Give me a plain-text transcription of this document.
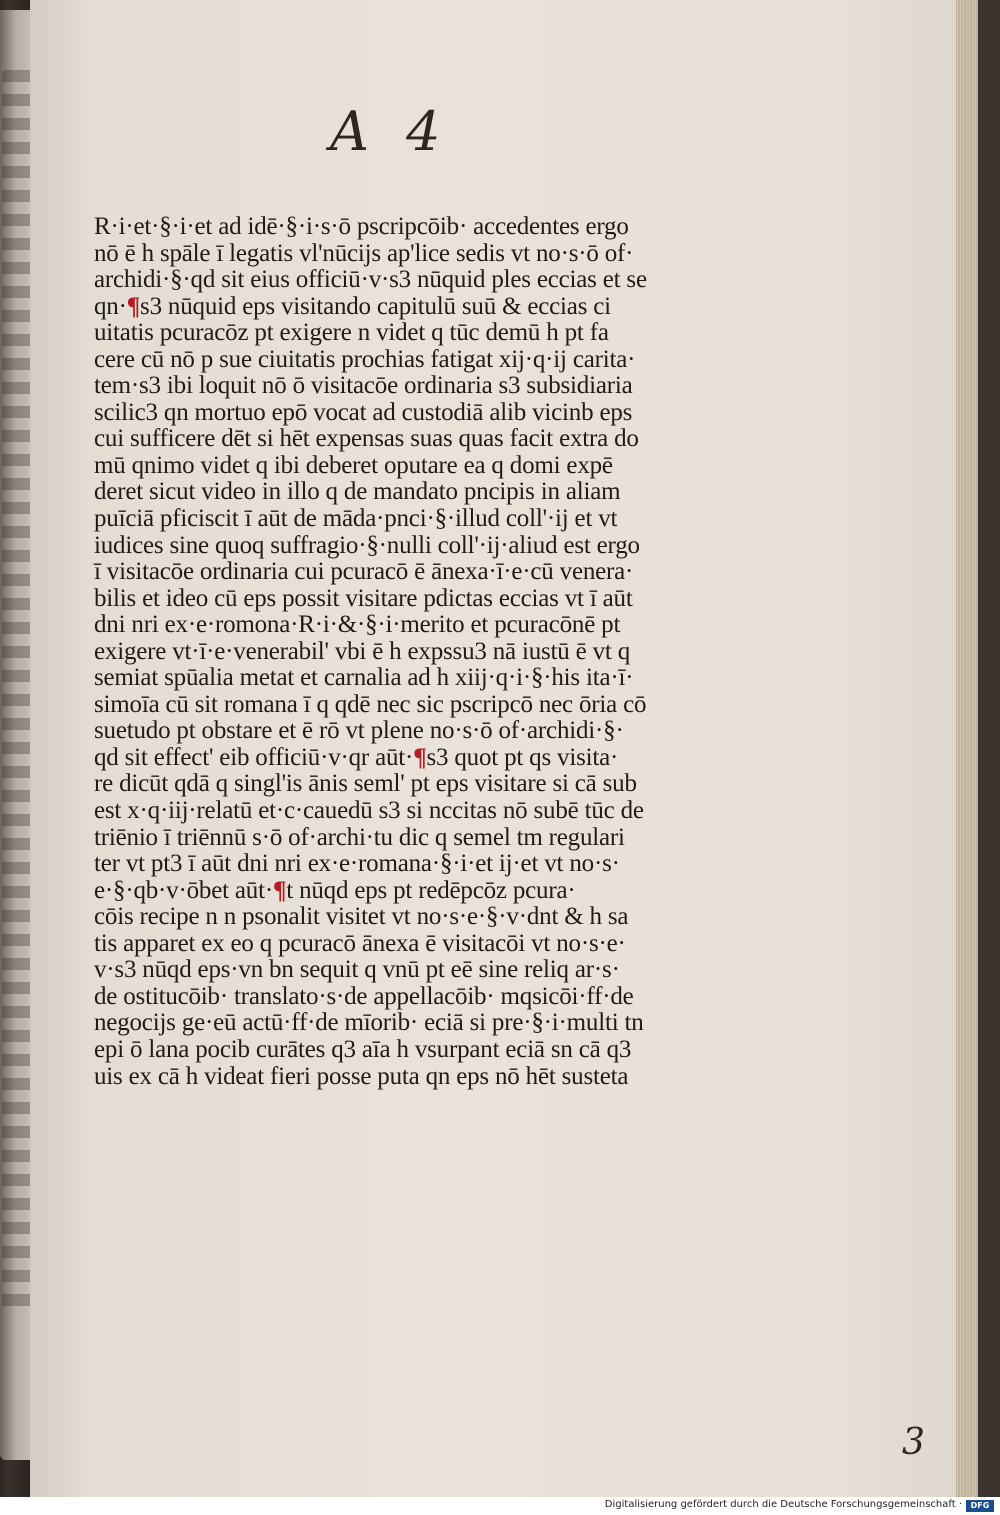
A 4
R·i·et·§·i·et ad idē·§·i·s·ō pscripcōib· accedentes ergo
nō ē h spāle ī legatis vl'nūcijs ap'lice sedis vt no·s·ō of·
archidi·§·qd sit eius officiū·v·s3 nūquid ples eccias et se
qn·¶s3 nūquid eps visitando capitulū suū & eccias ci
uitatis pcuracōz pt exigere n videt q tūc demū h pt fa
cere cū nō p sue ciuitatis prochias fatigat xij·q·ij carita·
tem·s3 ibi loquit nō ō visitacōe ordinaria s3 subsidiaria
scilic3 qn mortuo epō vocat ad custodiā alib vicinb eps
cui sufficere dēt si hēt expensas suas quas facit extra do
mū qnimo videt q ibi deberet oputare ea q domi expē
deret sicut video in illo q de mandato pncipis in aliam
puīciā pficiscit ī aūt de māda·pnci·§·illud coll'·ij et vt
iudices sine quoq suffragio·§·nulli coll'·ij·aliud est ergo
ī visitacōe ordinaria cui pcuracō ē ānexa·ī·e·cū venera·
bilis et ideo cū eps possit visitare pdictas eccias vt ī aūt
dni nri ex·e·romona·R·i·&·§·i·merito et pcuracōnē pt
exigere vt·ī·e·venerabil' vbi ē h expssu3 nā iustū ē vt q
semiat spūalia metat et carnalia ad h xiij·q·i·§·his ita·ī·
simoīa cū sit romana ī q qdē nec sic pscripcō nec ōria cō
suetudo pt obstare et ē rō vt plene no·s·ō of·archidi·§·
qd sit effect' eib officiū·v·qr aūt·¶s3 quot pt qs visita·
re dicūt qdā q singl'is ānis seml' pt eps visitare si cā sub
est x·q·iij·relatū et·c·cauedū s3 si nccitas nō subē tūc de
triēnio ī triēnnū s·ō of·archi·tu dic q semel tm regulari
ter vt pt3 ī aūt dni nri ex·e·romana·§·i·et ij·et vt no·s·
e·§·qb·v·ōbet aūt·¶t nūqd eps pt redēpcōz pcura·
cōis recipe n n psonalit visitet vt no·s·e·§·v·dnt & h sa
tis apparet ex eo q pcuracō ānexa ē visitacōi vt no·s·e·
v·s3 nūqd eps·vn bn sequit q vnū pt eē sine reliq ar·s·
de ostitucōib· translato·s·de appellacōib· mqsicōi·ff·de
negocijs ge·eū actū·ff·de mīorib· eciā si pre·§·i·multi tn
epi ō lana pocib curātes q3 aīa h vsurpant eciā sn cā q3
uis ex cā h videat fieri posse puta qn eps nō hēt susteta
3
Digitalisierung gefördert durch die Deutsche Forschungsgemeinschaft ·	DFG
